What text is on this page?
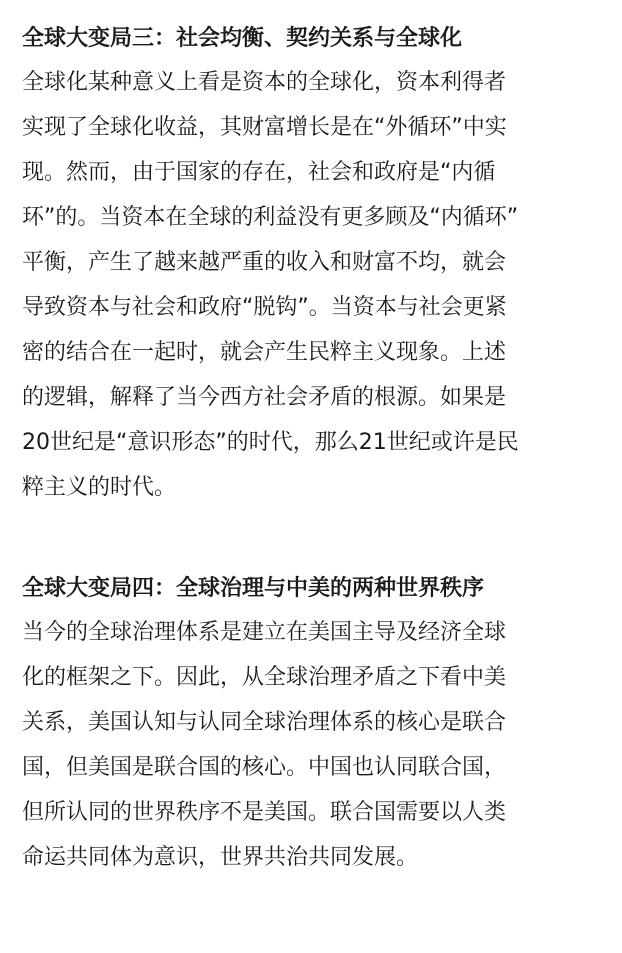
全球大变局三：社会均衡、契约关系与全球化

全球化某种意义上看是资本的全球化，资本利得者

实现了全球化收益，其财富增长是在“外循环”中实

现。然而，由于国家的存在，社会和政府是“内循

环”的。当资本在全球的利益没有更多顾及“内循环”

平衡，产生了越来越严重的收入和财富不均，就会

导致资本与社会和政府“脱钩”。当资本与社会更紧

密的结合在一起时，就会产生民粹主义现象。上述

的逻辑，解释了当今西方社会矛盾的根源。如果是

20世纪是“意识形态”的时代，那么21世纪或许是民

粹主义的时代。

全球大变局四：全球治理与中美的两种世界秩序

当今的全球治理体系是建立在美国主导及经济全球

化的框架之下。因此，从全球治理矛盾之下看中美

关系，美国认知与认同全球治理体系的核心是联合

国，但美国是联合国的核心。中国也认同联合国，

但所认同的世界秩序不是美国。联合国需要以人类

命运共同体为意识，世界共治共同发展。
